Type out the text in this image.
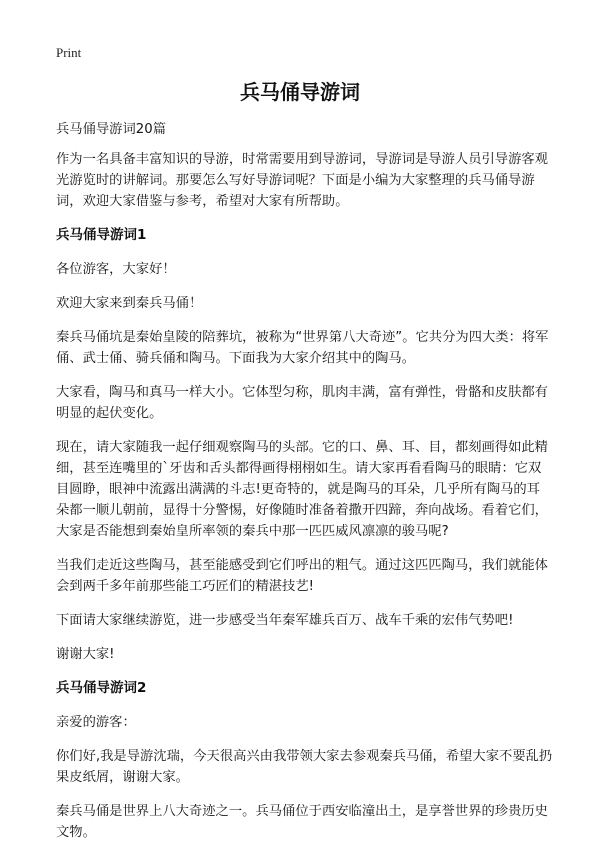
Print
兵马俑导游词

兵马俑导游词20篇

作为一名具备丰富知识的导游，时常需要用到导游词，导游词是导游人员引导游客观光游览时的讲解词。那要怎么写好导游词呢？下面是小编为大家整理的兵马俑导游词，欢迎大家借鉴与参考，希望对大家有所帮助。

兵马俑导游词1

各位游客，大家好！

欢迎大家来到秦兵马俑！

秦兵马俑坑是秦始皇陵的陪葬坑，被称为“世界第八大奇迹”。它共分为四大类：将军俑、武士俑、骑兵俑和陶马。下面我为大家介绍其中的陶马。

大家看，陶马和真马一样大小。它体型匀称，肌肉丰满，富有弹性，骨骼和皮肤都有明显的起伏变化。

现在，请大家随我一起仔细观察陶马的头部。它的口、鼻、耳、目，都刻画得如此精细，甚至连嘴里的`牙齿和舌头都得画得栩栩如生。请大家再看看陶马的眼睛：它双目圆睁，眼神中流露出满满的斗志!更奇特的，就是陶马的耳朵，几乎所有陶马的耳朵都一顺儿朝前，显得十分警惕，好像随时准备着撒开四蹄，奔向战场。看着它们，大家是否能想到秦始皇所率领的秦兵中那一匹匹威风凛凛的骏马呢?

当我们走近这些陶马，甚至能感受到它们呼出的粗气。通过这匹匹陶马，我们就能体会到两千多年前那些能工巧匠们的精湛技艺!

下面请大家继续游览，进一步感受当年秦军雄兵百万、战车千乘的宏伟气势吧!

谢谢大家!

兵马俑导游词2

亲爱的游客：

你们好,我是导游沈瑞，今天很高兴由我带领大家去参观秦兵马俑，希望大家不要乱扔果皮纸屑，谢谢大家。

秦兵马俑是世界上八大奇迹之一。兵马俑位于西安临潼出土，是享誉世界的珍贵历史文物。
